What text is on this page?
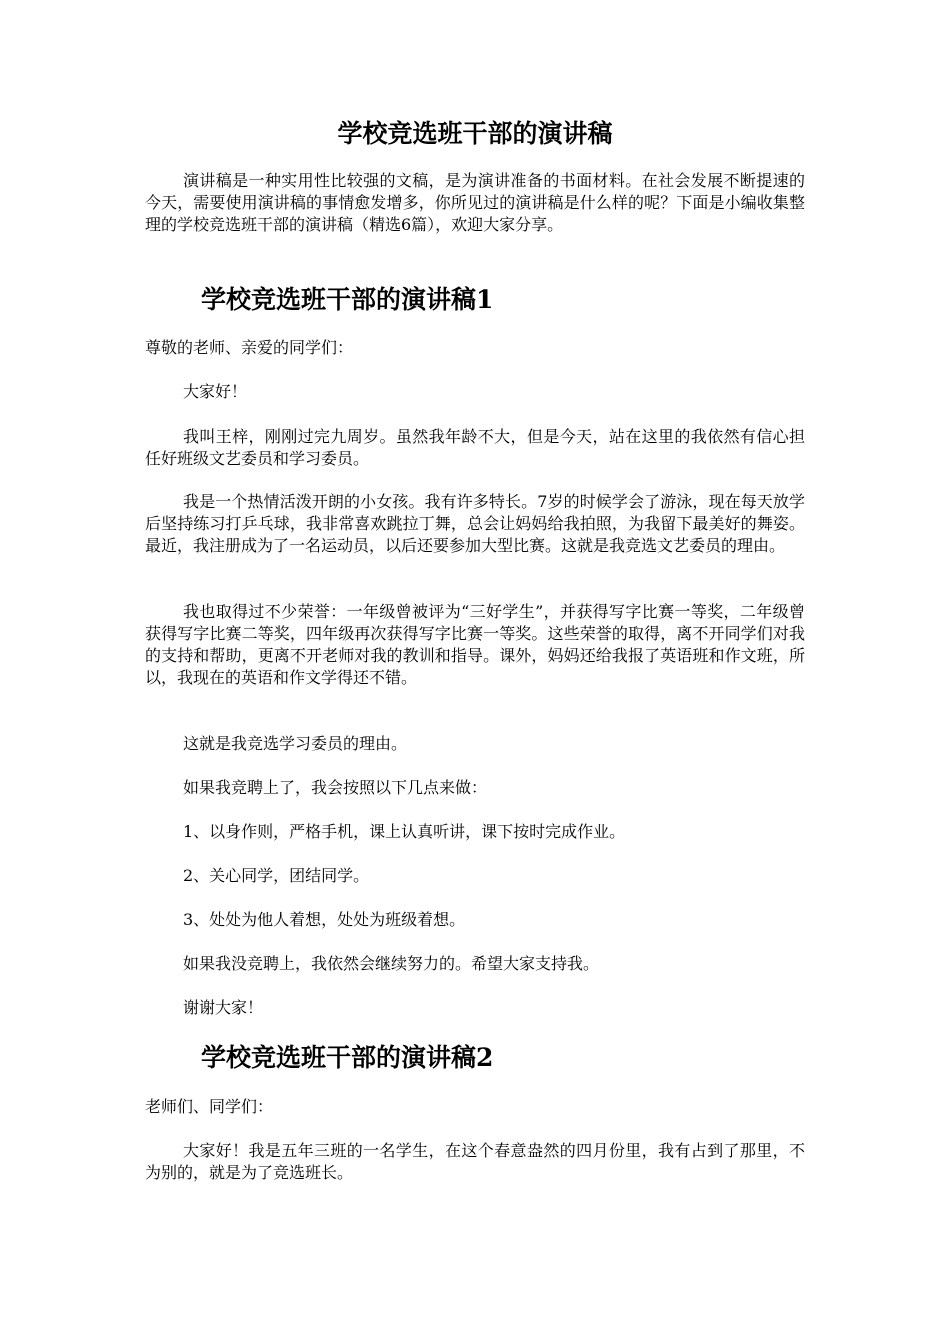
学校竞选班干部的演讲稿

演讲稿是一种实用性比较强的文稿，是为演讲准备的书面材料。在社会发展不断提速的今天，需要使用演讲稿的事情愈发增多，你所见过的演讲稿是什么样的呢？下面是小编收集整理的学校竞选班干部的演讲稿（精选6篇），欢迎大家分享。

学校竞选班干部的演讲稿1

尊敬的老师、亲爱的同学们：

大家好！

我叫王梓，刚刚过完九周岁。虽然我年龄不大，但是今天，站在这里的我依然有信心担任好班级文艺委员和学习委员。

我是一个热情活泼开朗的小女孩。我有许多特长。7岁的时候学会了游泳，现在每天放学后坚持练习打乒乓球，我非常喜欢跳拉丁舞，总会让妈妈给我拍照，为我留下最美好的舞姿。最近，我注册成为了一名运动员，以后还要参加大型比赛。这就是我竞选文艺委员的理由。

我也取得过不少荣誉：一年级曾被评为“三好学生”，并获得写字比赛一等奖，二年级曾获得写字比赛二等奖，四年级再次获得写字比赛一等奖。这些荣誉的取得，离不开同学们对我的支持和帮助，更离不开老师对我的教训和指导。课外，妈妈还给我报了英语班和作文班，所以，我现在的英语和作文学得还不错。

这就是我竞选学习委员的理由。

如果我竞聘上了，我会按照以下几点来做：

1、以身作则，严格手机，课上认真听讲，课下按时完成作业。

2、关心同学，团结同学。

3、处处为他人着想，处处为班级着想。

如果我没竞聘上，我依然会继续努力的。希望大家支持我。

谢谢大家！

学校竞选班干部的演讲稿2

老师们、同学们：

大家好！我是五年三班的一名学生，在这个春意盎然的四月份里，我有占到了那里，不为别的，就是为了竞选班长。
